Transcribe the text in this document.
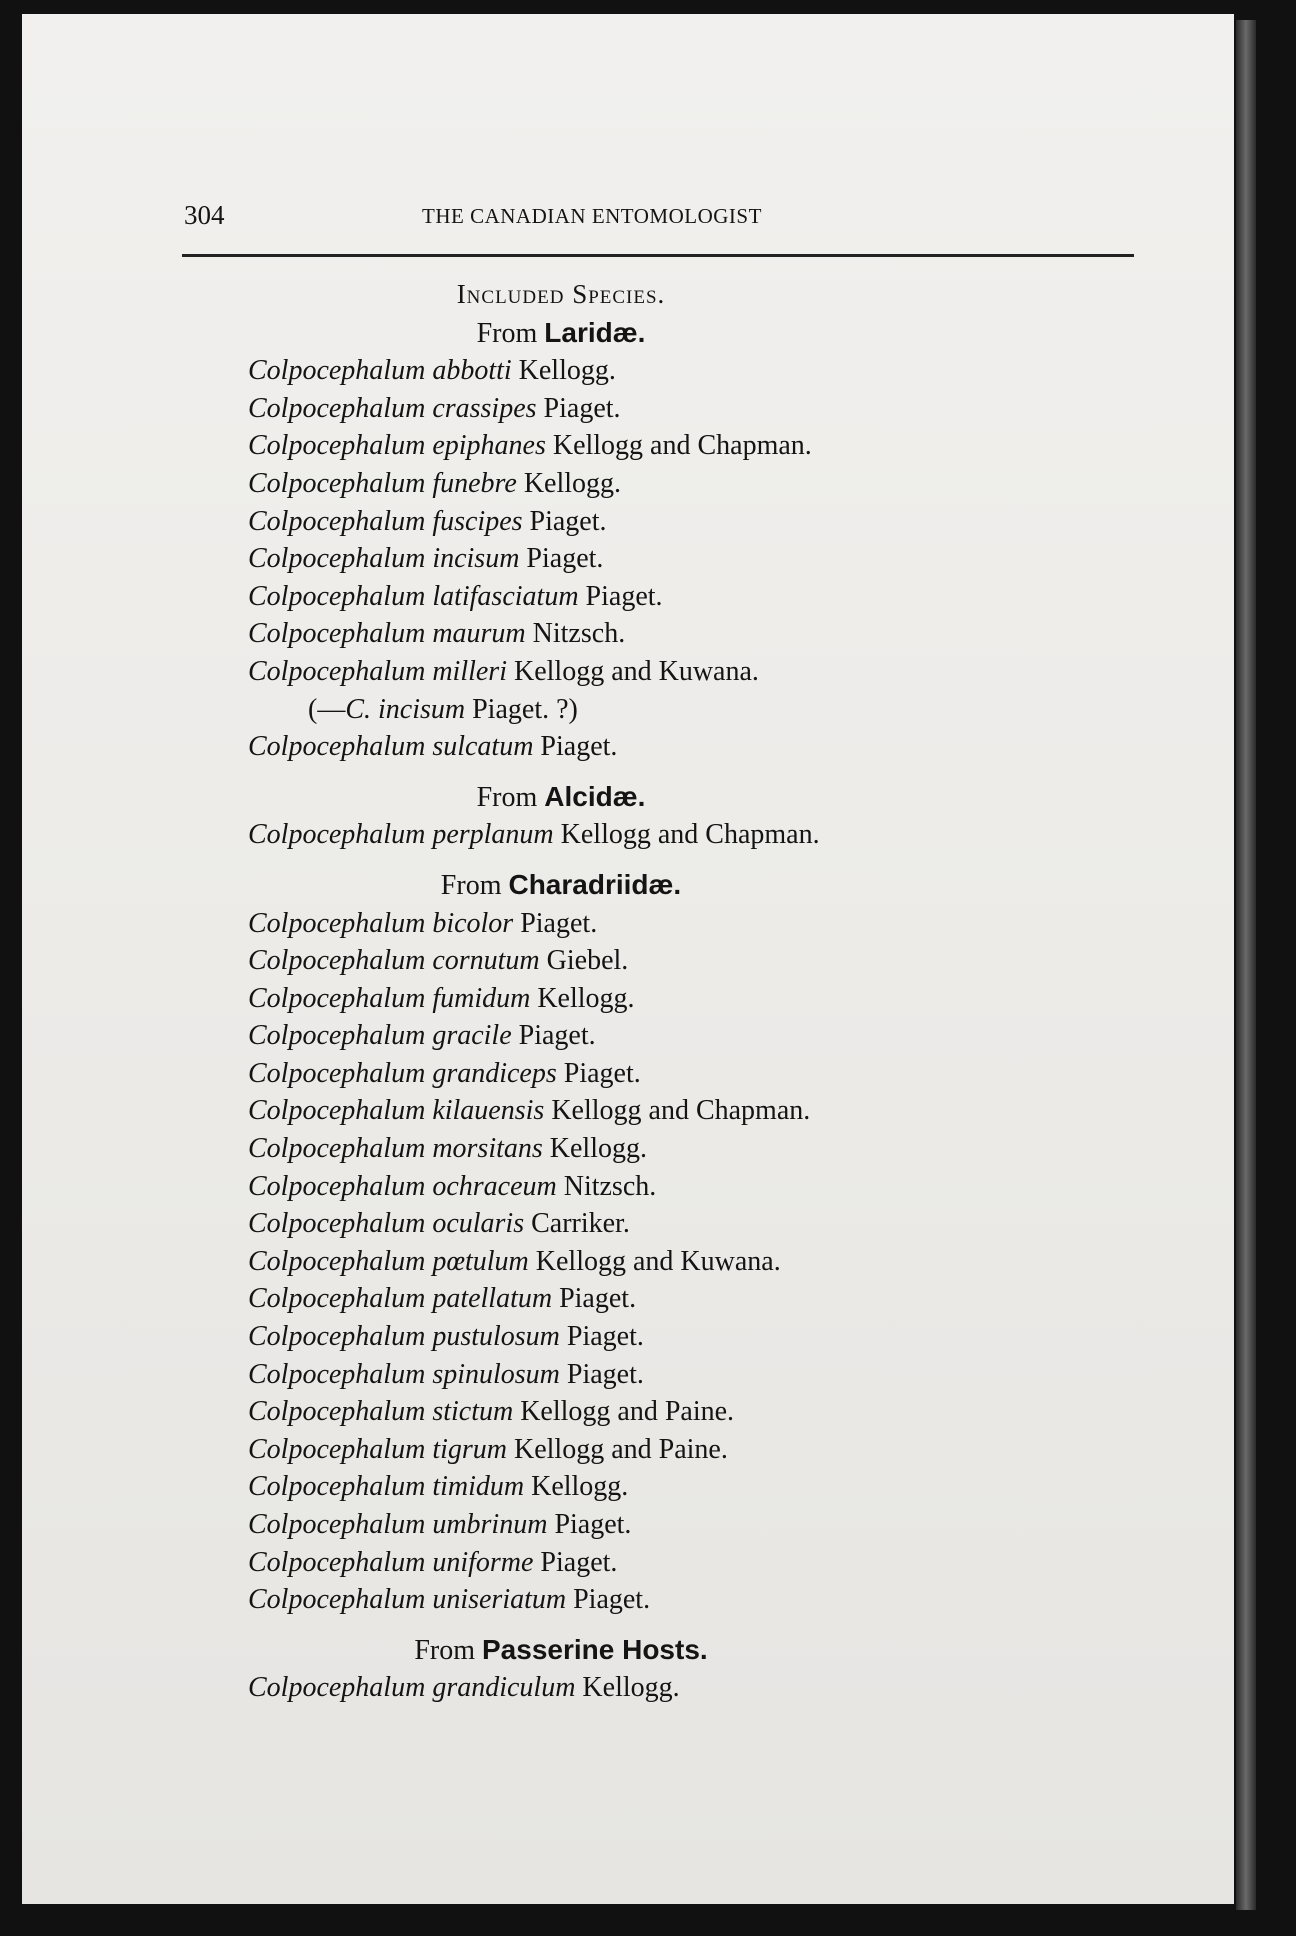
304	THE CANADIAN ENTOMOLOGIST
Included Species.
From Laridæ.
Colpocephalum abbotti Kellogg.
Colpocephalum crassipes Piaget.
Colpocephalum epiphanes Kellogg and Chapman.
Colpocephalum funebre Kellogg.
Colpocephalum fuscipes Piaget.
Colpocephalum incisum Piaget.
Colpocephalum latifasciatum Piaget.
Colpocephalum maurum Nitzsch.
Colpocephalum milleri Kellogg and Kuwana.
(—C. incisum Piaget. ?)
Colpocephalum sulcatum Piaget.
From Alcidæ.
Colpocephalum perplanum Kellogg and Chapman.
From Charadriidæ.
Colpocephalum bicolor Piaget.
Colpocephalum cornutum Giebel.
Colpocephalum fumidum Kellogg.
Colpocephalum gracile Piaget.
Colpocephalum grandiceps Piaget.
Colpocephalum kilauensis Kellogg and Chapman.
Colpocephalum morsitans Kellogg.
Colpocephalum ochraceum Nitzsch.
Colpocephalum ocularis Carriker.
Colpocephalum pœtulum Kellogg and Kuwana.
Colpocephalum patellatum Piaget.
Colpocephalum pustulosum Piaget.
Colpocephalum spinulosum Piaget.
Colpocephalum stictum Kellogg and Paine.
Colpocephalum tigrum Kellogg and Paine.
Colpocephalum timidum Kellogg.
Colpocephalum umbrinum Piaget.
Colpocephalum uniforme Piaget.
Colpocephalum uniseriatum Piaget.
From Passerine Hosts.
Colpocephalum grandiculum Kellogg.
